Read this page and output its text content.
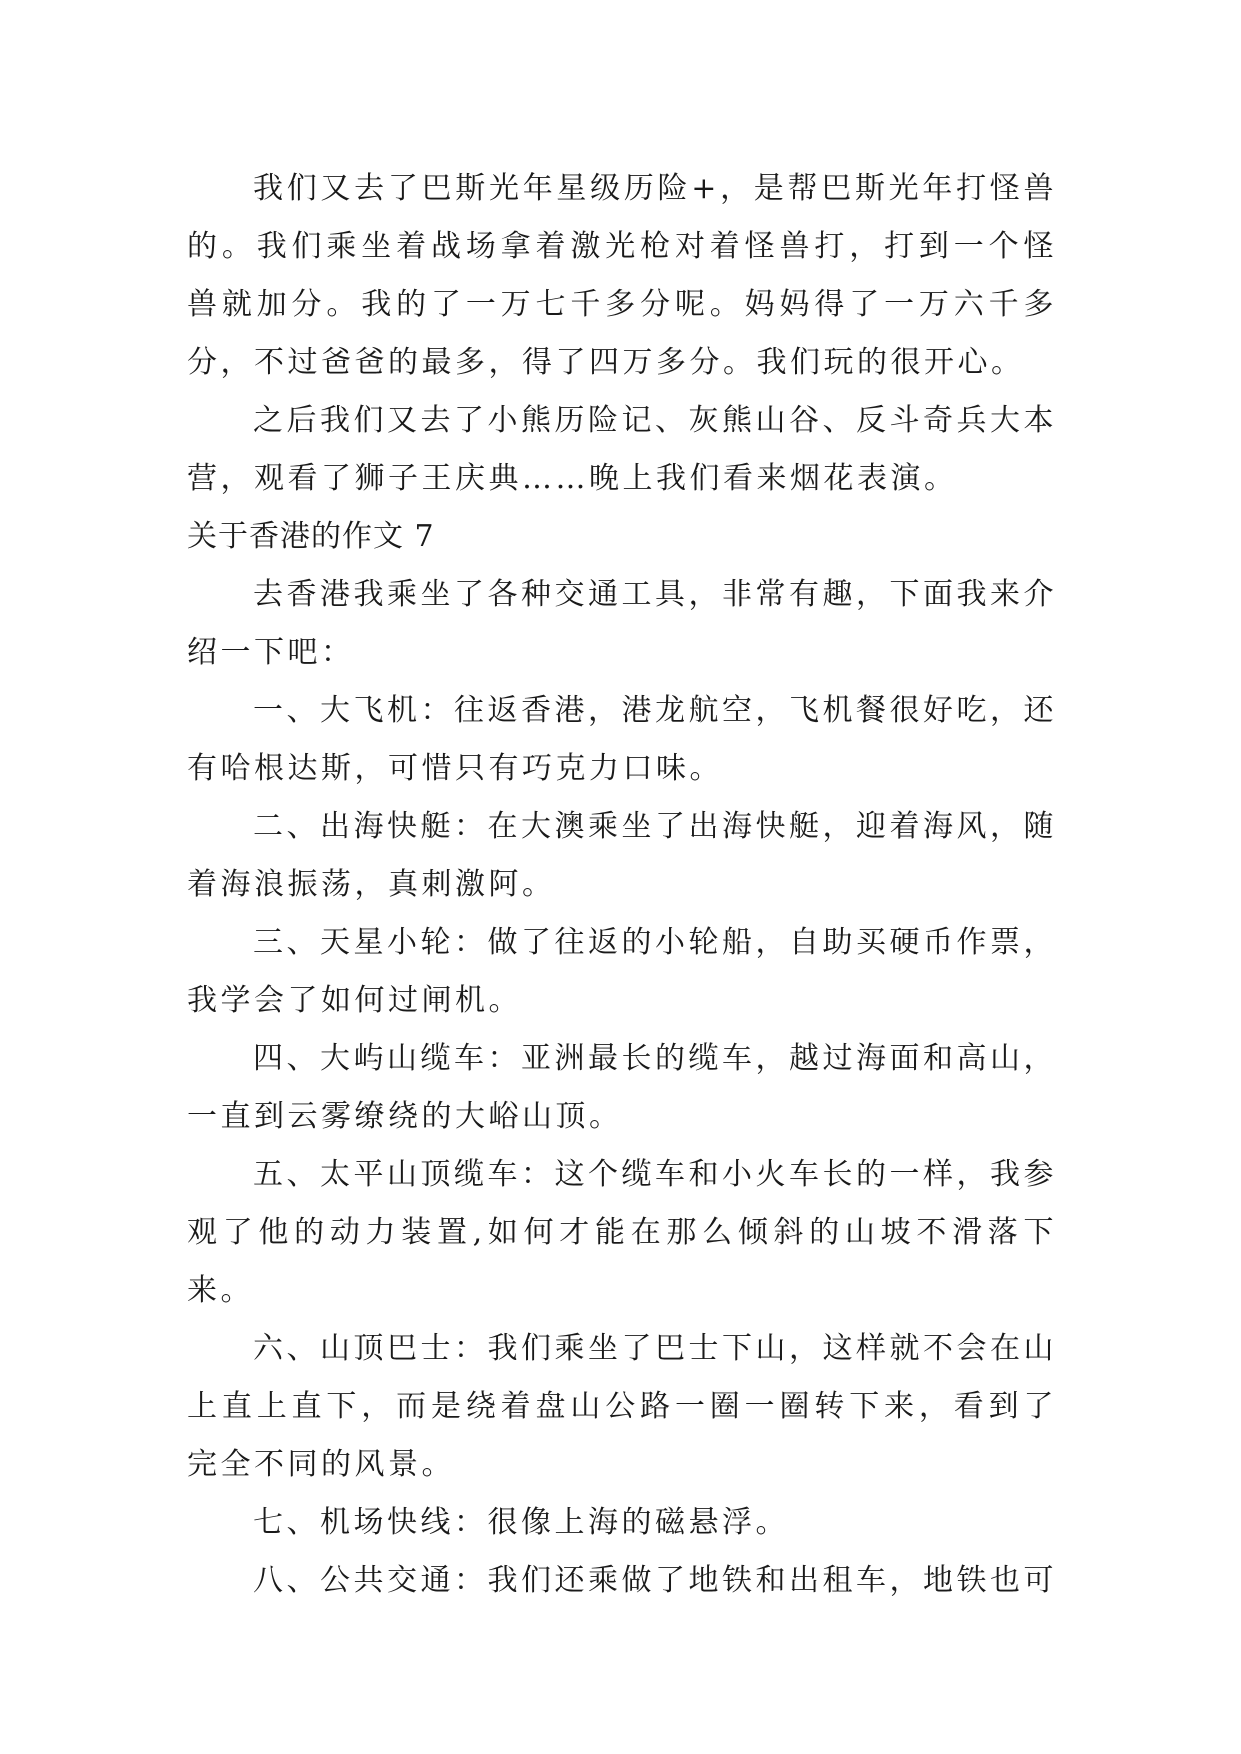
我们又去了巴斯光年星级历险+，是帮巴斯光年打怪兽的。我们乘坐着战场拿着激光枪对着怪兽打，打到一个怪兽就加分。我的了一万七千多分呢。妈妈得了一万六千多分，不过爸爸的最多，得了四万多分。我们玩的很开心。

之后我们又去了小熊历险记、灰熊山谷、反斗奇兵大本营，观看了狮子王庆典……晚上我们看来烟花表演。

关于香港的作文 7

去香港我乘坐了各种交通工具，非常有趣，下面我来介绍一下吧：

一、大飞机：往返香港，港龙航空，飞机餐很好吃，还有哈根达斯，可惜只有巧克力口味。

二、出海快艇：在大澳乘坐了出海快艇，迎着海风，随着海浪振荡，真刺激阿。

三、天星小轮：做了往返的小轮船，自助买硬币作票，我学会了如何过闸机。

四、大屿山缆车：亚洲最长的缆车，越过海面和高山，一直到云雾缭绕的大峪山顶。

五、太平山顶缆车：这个缆车和小火车长的一样，我参观了他的动力装置,如何才能在那么倾斜的山坡不滑落下来。

六、山顶巴士：我们乘坐了巴士下山，这样就不会在山上直上直下，而是绕着盘山公路一圈一圈转下来，看到了完全不同的风景。

七、机场快线：很像上海的磁悬浮。

八、公共交通：我们还乘做了地铁和出租车，地铁也可
